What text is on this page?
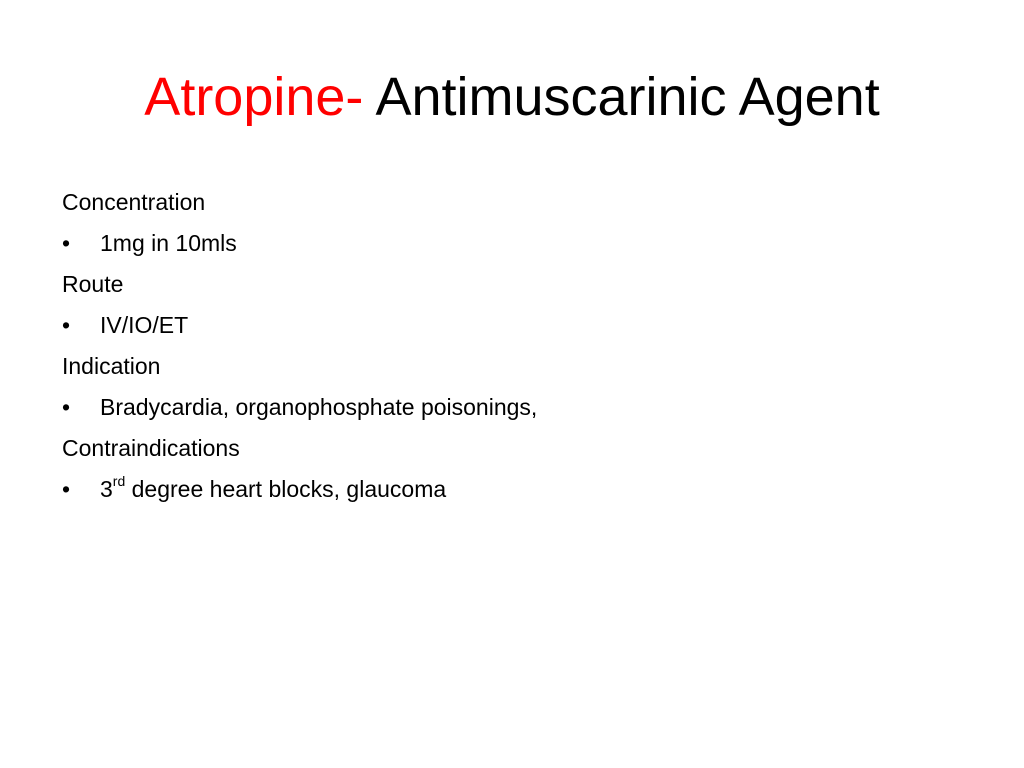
Atropine- Antimuscarinic Agent
Concentration
• 1mg in 10mls
Route
• IV/IO/ET
Indication
• Bradycardia, organophosphate poisonings,
Contraindications
• 3rd degree heart blocks, glaucoma
